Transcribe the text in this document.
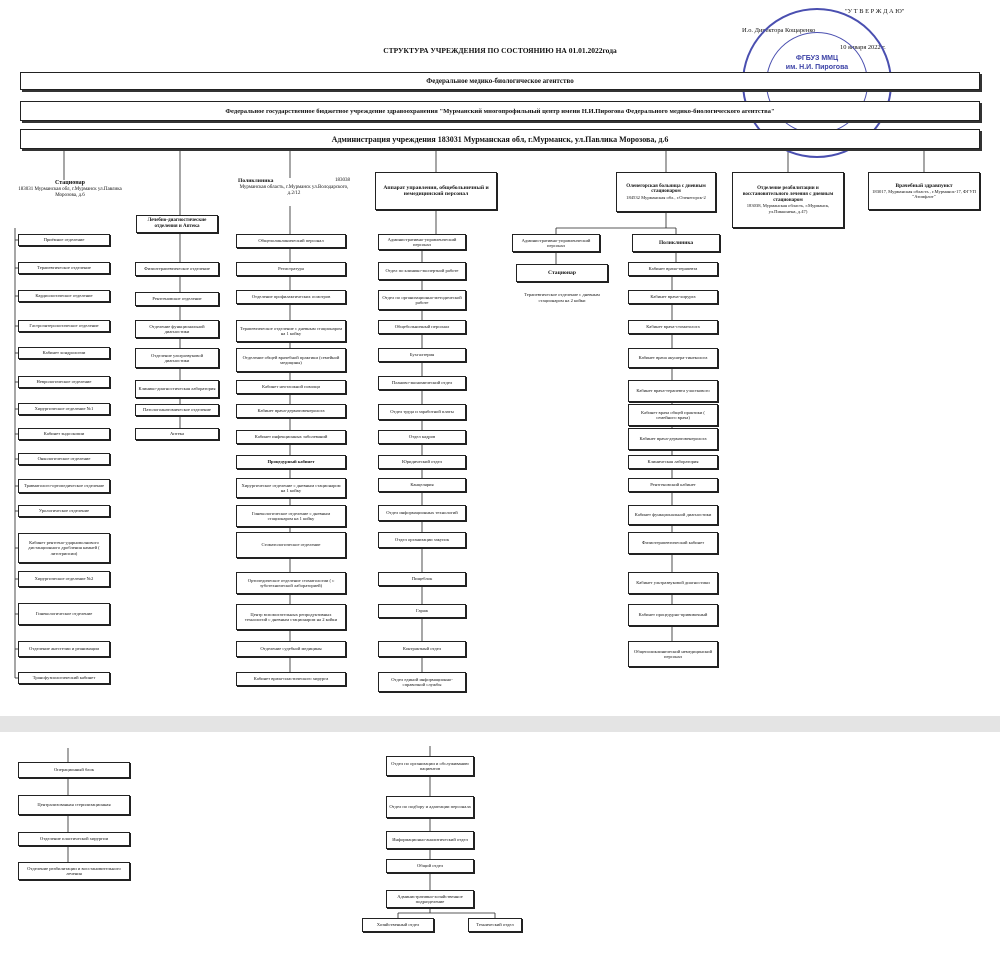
"У Т В Е Р Ж Д А Ю"
И.о. Директора Кощаренко
10 января 2022 г.
ФГБУЗ ММЦ
им. Н.И. Пирогова
СТРУКТУРА УЧРЕЖДЕНИЯ ПО СОСТОЯНИЮ НА 01.01.2022года
Федеральное медико-биологическое агентство
Федеральное государственное бюджетное учреждение здравоохранения "Мурманский многопрофильный центр имени Н.И.Пирогова Федерального медико-биологического агентства"
Администрация учреждения 183031 Мурманская обл, г.Мурманск, ул.Павлика Морозова, д.6
Стационар
183031 Мурманская обл, г.Мурманск ул.Павлика Морозова, д.6
Лечебно-диагностические отделения и Аптека
Поликлиника	183038
Мурманская область, г.Мурманск ул.Володарского, д.2/12
Аппарат управления, общебольничный и немедицинский персонал
Оленегорская больница с дневным стационаром
184532 Мурманская обл., г.Оленегорск-2
Отделение реабилитации и восстановительного лечения с дневным стационаром
183038, Мурманская область, г.Мурманск, ул.Пикконена, д.47)
Врачебный здравпункт
183017, Мурманская область , г.Мурманск-17, ФГУП "Атомфлот"
Административно-управленческий персонал	Поликлиника
Стационар
Терапевтическое отделение с дневным стационаром на 2 койки
Приёмное отделение
Терапевтическое отделение
Кардиологическое отделение
Гастроэнтерологическое отделение
Кабинет хондрологии
Неврологическое отделение
Хирургическое отделение №1
Кабинет эндоскопии
Онкологическое отделение
Травматолого-ортопедическое отделение
Урологическое отделение
Кабинет рентгено-ударноволнового дистанционного дробления камней ( литотрипсии)
Хирургическое отделение №2
Гинекологическое отделение
Отделение анестезии и реанимации
Трансфузиологический кабинет
Операционный блок
Централизованная стерилизационная
Отделение пластической хирургии
Отделение реабилитации и восстановительного лечения
Физиотерапевтическое отделение
Рентгеновское отделение
Отделение функциональной диагностики
Отделение ультразвуковой диагностики
Клинико-диагностическая лаборатория
Патологоанатомическое отделение
Аптека
Общеполиклинический персонал
Регистратура
Отделение профилактических осмотров
Терапевтическое отделение с дневным стационаром на 1 койку
Отделение общей врачебной практики (семейной медицины)
Кабинет неотложной помощи
Кабинет врача-дерматовенеролога
Кабинет инфекционных заболеваний
Процедурный кабинет
Хирургическое отделение с дневным стационаром на 1 койку
Гинекологическое отделение с дневным стационаром на 1 койку
Стоматологическое отделение
Ортопедическое отделение стоматологии ( с зуботехнической лабораторией)
Центр вспомогательных репродуктивных технологий с дневным стационаром на 2 койки
Отделение судебной медицины
Кабинет врача-пластического хирурга
Административно-управленческий персонал
Отдел по клинико-экспертной работе
Отдел по организационно-методической работе
Общебольничный персонал
Бухгалтерия
Планово-экономический отдел
Отдел труда и заработной платы
Отдел кадров
Юридический отдел
Канцелярия
Отдел информационных технологий
Отдел организации закупок
Пищеблок
Гараж
Контрактный отдел
Отдел единой информационно-справочной службы
Отдел по организации и обслуживанию пациентов
Отдел по подбору и адаптации персонала
Информационно-аналитический отдел
Общий отдел
Административно-хозяйственное подразделение
Хозяйственный отдел	Технический отдел
Кабинет врача-терапевта
Кабинет врача-хирурга
Кабинет врача-стоматолога
Кабинет врача акушера-гинеколога
Кабинет врача-терапевта участкового
Кабинет врача общей практики ( семейного врача)
Кабинет врача-дерматовенеролога
Клиническая лаборатория
Рентгеновский кабинет
Кабинет функциональной диагностики
Физиотерапевтический кабинет
Кабинет ультразвуковой диагностики
Кабинет процедурно-прививочный
Общеполиклинический немедицинский персонал
